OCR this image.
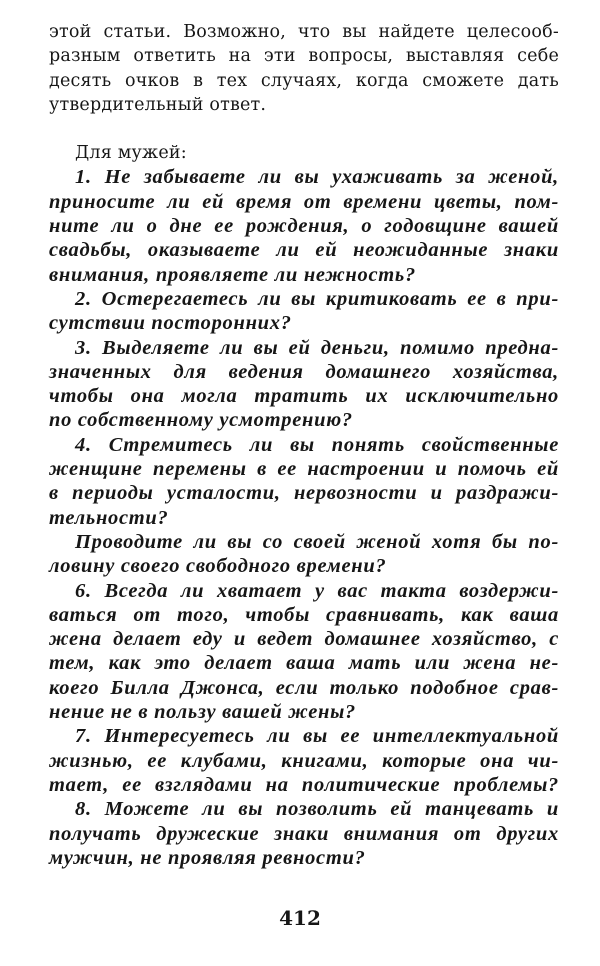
этой статьи. Возможно, что вы найдете целесооб-
разным ответить на эти вопросы, выставляя себе
десять очков в тех случаях, когда сможете дать
утвердительный ответ.
Для мужей:
1. Не забываете ли вы ухаживать за женой,
приносите ли ей время от времени цветы, пом-
ните ли о дне ее рождения, о годовщине вашей
свадьбы, оказываете ли ей неожиданные знаки
внимания, проявляете ли нежность?
2. Остерегаетесь ли вы критиковать ее в при-
сутствии посторонних?
3. Выделяете ли вы ей деньги, помимо предна-
значенных для ведения домашнего хозяйства,
чтобы она могла тратить их исключительно
по собственному усмотрению?
4. Стремитесь ли вы понять свойственные
женщине перемены в ее настроении и помочь ей
в периоды усталости, нервозности и раздражи-
тельности?
Проводите ли вы со своей женой хотя бы по-
ловину своего свободного времени?
6. Всегда ли хватает у вас такта воздержи-
ваться от того, чтобы сравнивать, как ваша
жена делает еду и ведет домашнее хозяйство, с
тем, как это делает ваша мать или жена не-
коего Билла Джонса, если только подобное срав-
нение не в пользу вашей жены?
7. Интересуетесь ли вы ее интеллектуальной
жизнью, ее клубами, книгами, которые она чи-
тает, ее взглядами на политические проблемы?
8. Можете ли вы позволить ей танцевать и
получать дружеские знаки внимания от других
мужчин, не проявляя ревности?
412
